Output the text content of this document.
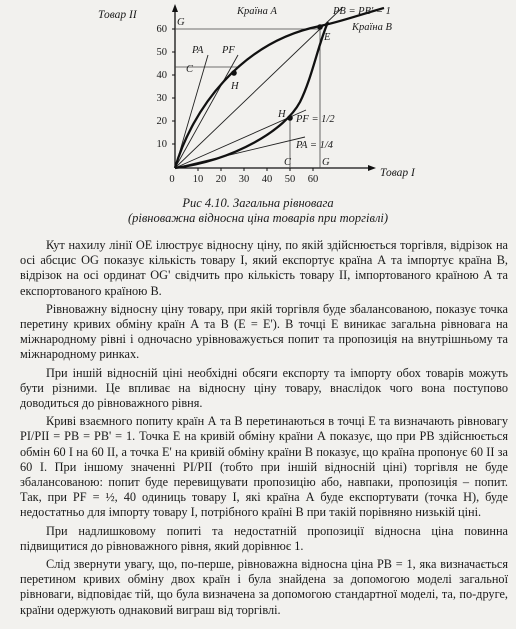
Товар II
Товар І
60
50
40
30
20
10
0 10 20 30 40 50 60
G
G
C
C
E
H
H
Країна А
Країна В
PA PF
PB = PB' = 1
PF = 1/2
PA = 1/4
Рис 4.10. Загальна рівновага
(рівноважна відносна ціна товарів при торгівлі)

Кут нахилу лінії OE ілюструє відносну ціну, по якій здійснюється торгівля, відрізок на осі абсцис OG показує кількість товару І, який експортує країна А та імпортує країна В, відрізок на осі ординат OG' свідчить про кількість товару ІІ, імпортованого країною А та експортованого країною В.

Рівноважну відносну ціну товару, при якій торгівля буде збалансованою, показує точка перетину кривих обміну країн А та В (E = E'). В точці Е виникає загальна рівновага на міжнародному рівні і одночасно урівноважується попит та пропозиція на внутрішньому та міжнародному ринках.

При іншій відносній ціні необхідні обсяги експорту та імпорту обох товарів можуть бути різними. Це впливає на відносну ціну товару, внаслідок чого вона поступово доводиться до рівноважного рівня.

Криві взаємного попиту країн А та В перетинаються в точці Е та визначають рівновагу PI/PII = PB = PB' = 1. Точка Е на кривій обміну країни А показує, що при PB здійснюється обмін 60 І на 60 ІІ, а точка Е' на кривій обміну країни В показує, що країна пропонує 60 ІІ за 60 І. При іншому значенні PI/PII (тобто при іншій відносній ціні) торгівля не буде збалансованою: попит буде перевищувати пропозицію або, навпаки, пропозиція – попит. Так, при PF = ½, 40 одиниць товару І, які країна А буде експортувати (точка H), буде недостатньо для імпорту товару І, потрібного країні В при такій порівняно низькій ціні.

При надлишковому попиті та недостатній пропозиції відносна ціна повинна підвищитися до рівноважного рівня, який дорівнює 1.

Слід звернути увагу, що, по-перше, рівноважна відносна ціна PB = 1, яка визначається перетином кривих обміну двох країн і була знайдена за допомогою моделі загальної рівноваги, відповідає тій, що була визначена за допомогою стандартної моделі, та, по-друге, країни одержують однаковий виграш від торгівлі.
